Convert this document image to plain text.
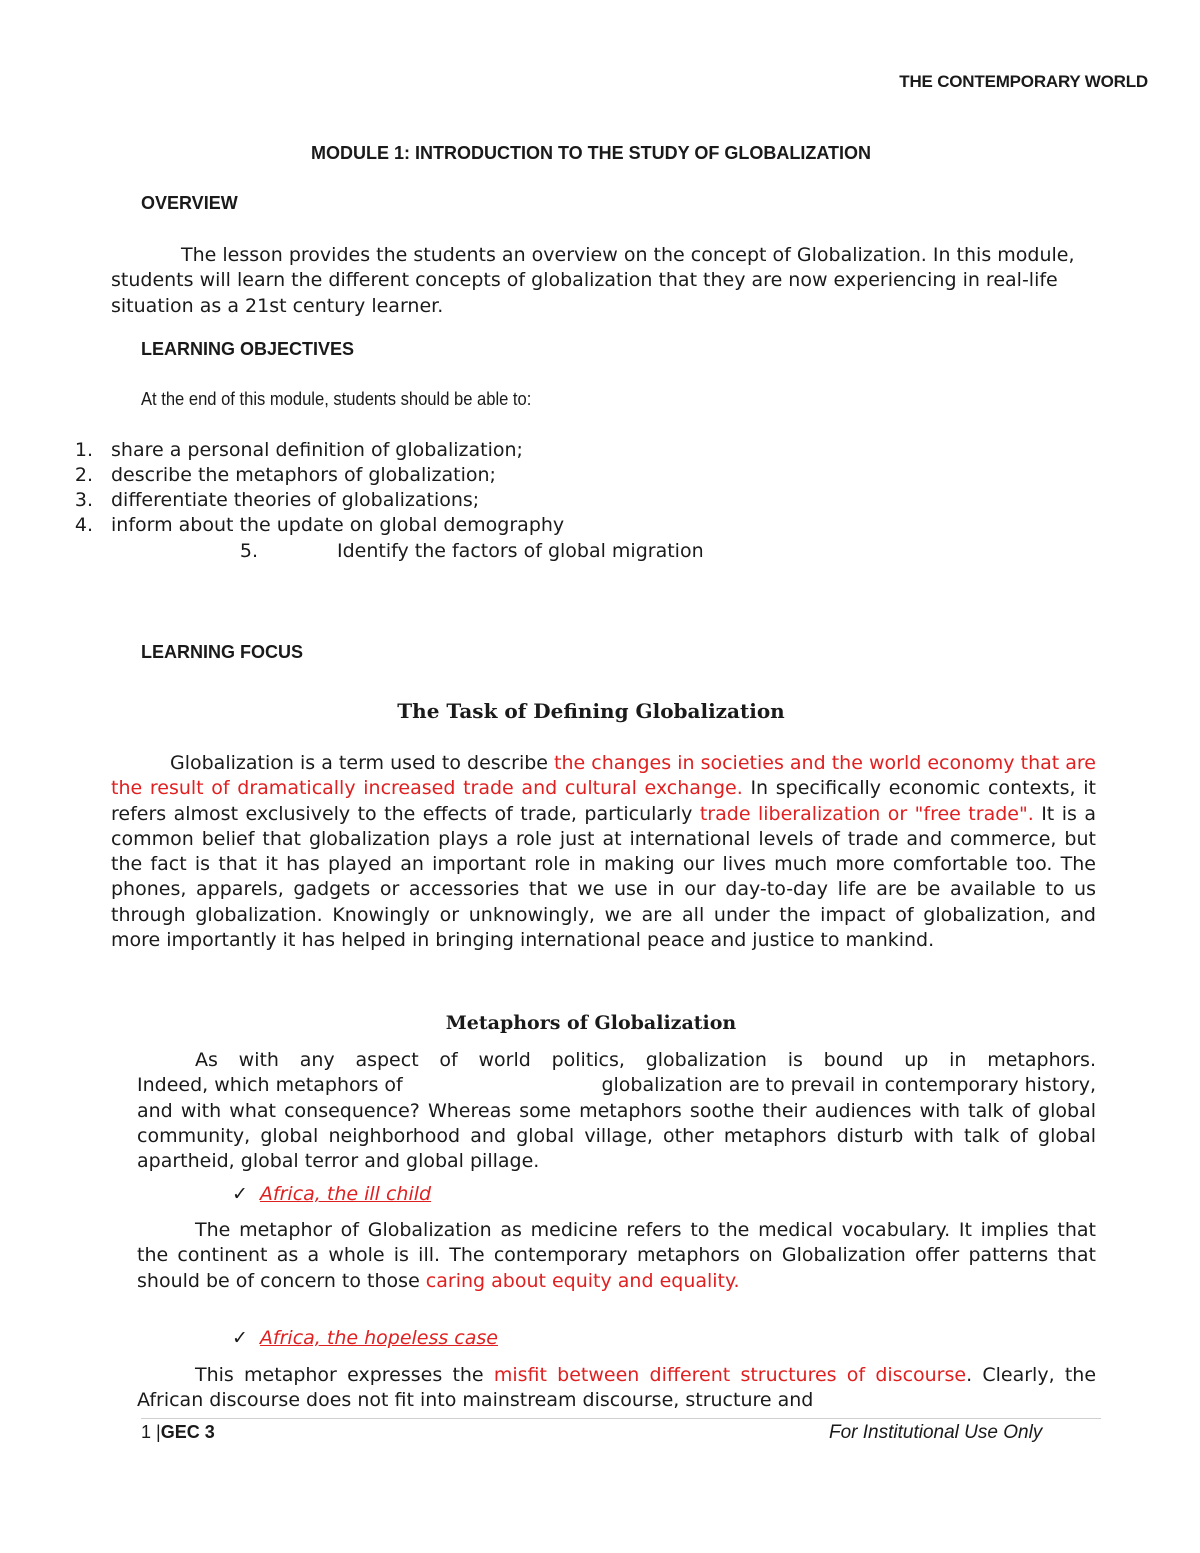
THE CONTEMPORARY WORLD
MODULE 1: INTRODUCTION TO THE STUDY OF GLOBALIZATION
OVERVIEW
The lesson provides the students an overview on the concept of Globalization. In this module, students will learn the different concepts of globalization that they are now experiencing in real-life situation as a 21st century learner.
LEARNING OBJECTIVES
At the end of this module, students should be able to:
1. share a personal definition of globalization;
2. describe the metaphors of globalization;
3. differentiate theories of globalizations;
4. inform about the update on global demography
5.	Identify the factors of global migration
LEARNING FOCUS
The Task of Defining Globalization
Globalization is a term used to describe the changes in societies and the world economy that are the result of dramatically increased trade and cultural exchange. In specifically economic contexts, it refers almost exclusively to the effects of trade, particularly trade liberalization or "free trade". It is a common belief that globalization plays a role just at international levels of trade and commerce, but the fact is that it has played an important role in making our lives much more comfortable too. The phones, apparels, gadgets or accessories that we use in our day-to-day life are be available to us through globalization. Knowingly or unknowingly, we are all under the impact of globalization, and more importantly it has helped in bringing international peace and justice to mankind.
Metaphors of Globalization
As with any aspect of world politics, globalization is bound up in metaphors.
Indeed, which metaphors of	globalization are to prevail in contemporary history,
and with what consequence? Whereas some metaphors soothe their audiences with talk of global community, global neighborhood and global village, other metaphors disturb with talk of global apartheid, global terror and global pillage.
✓ Africa, the ill child
The metaphor of Globalization as medicine refers to the medical vocabulary. It implies that the continent as a whole is ill. The contemporary metaphors on Globalization offer patterns that should be of concern to those caring about equity and equality.
✓ Africa, the hopeless case
This metaphor expresses the misfit between different structures of discourse. Clearly, the African discourse does not fit into mainstream discourse, structure and
1 |GEC 3	For Institutional Use Only
